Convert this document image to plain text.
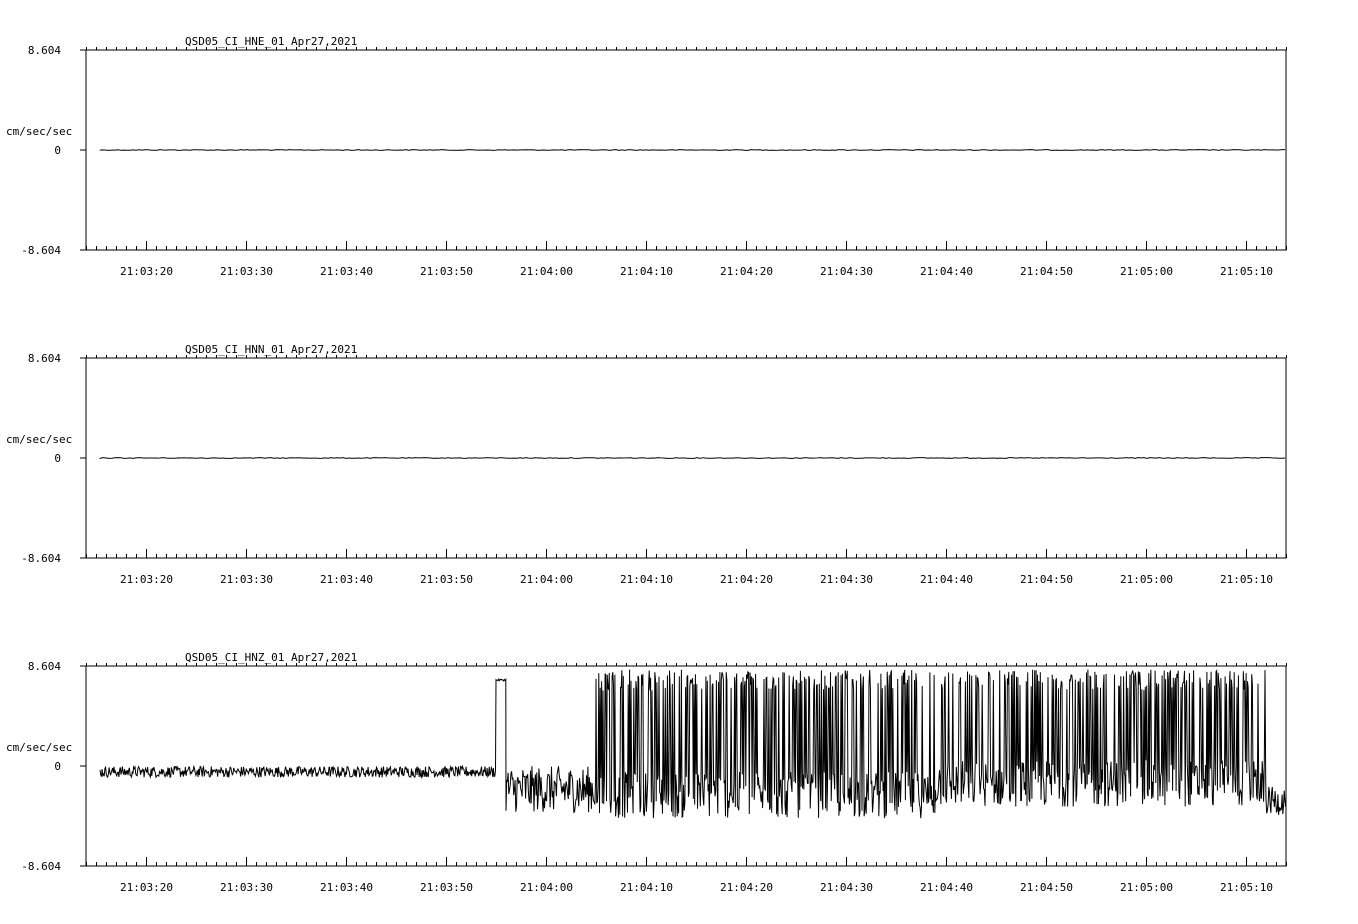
QSD05_CI_HNE_01 Apr27,2021
cm/sec/sec
8.604
0
-8.604
21:03:20	21:03:30	21:03:40	21:03:50	21:04:00	21:04:10	21:04:20	21:04:30	21:04:40	21:04:50	21:05:00	21:05:10
QSD05_CI_HNN_01 Apr27,2021
cm/sec/sec
8.604
0
-8.604
21:03:20	21:03:30	21:03:40	21:03:50	21:04:00	21:04:10	21:04:20	21:04:30	21:04:40	21:04:50	21:05:00	21:05:10
QSD05_CI_HNZ_01 Apr27,2021
cm/sec/sec
8.604
0
-8.604
21:03:20	21:03:30	21:03:40	21:03:50	21:04:00	21:04:10	21:04:20	21:04:30	21:04:40	21:04:50	21:05:00	21:05:10
